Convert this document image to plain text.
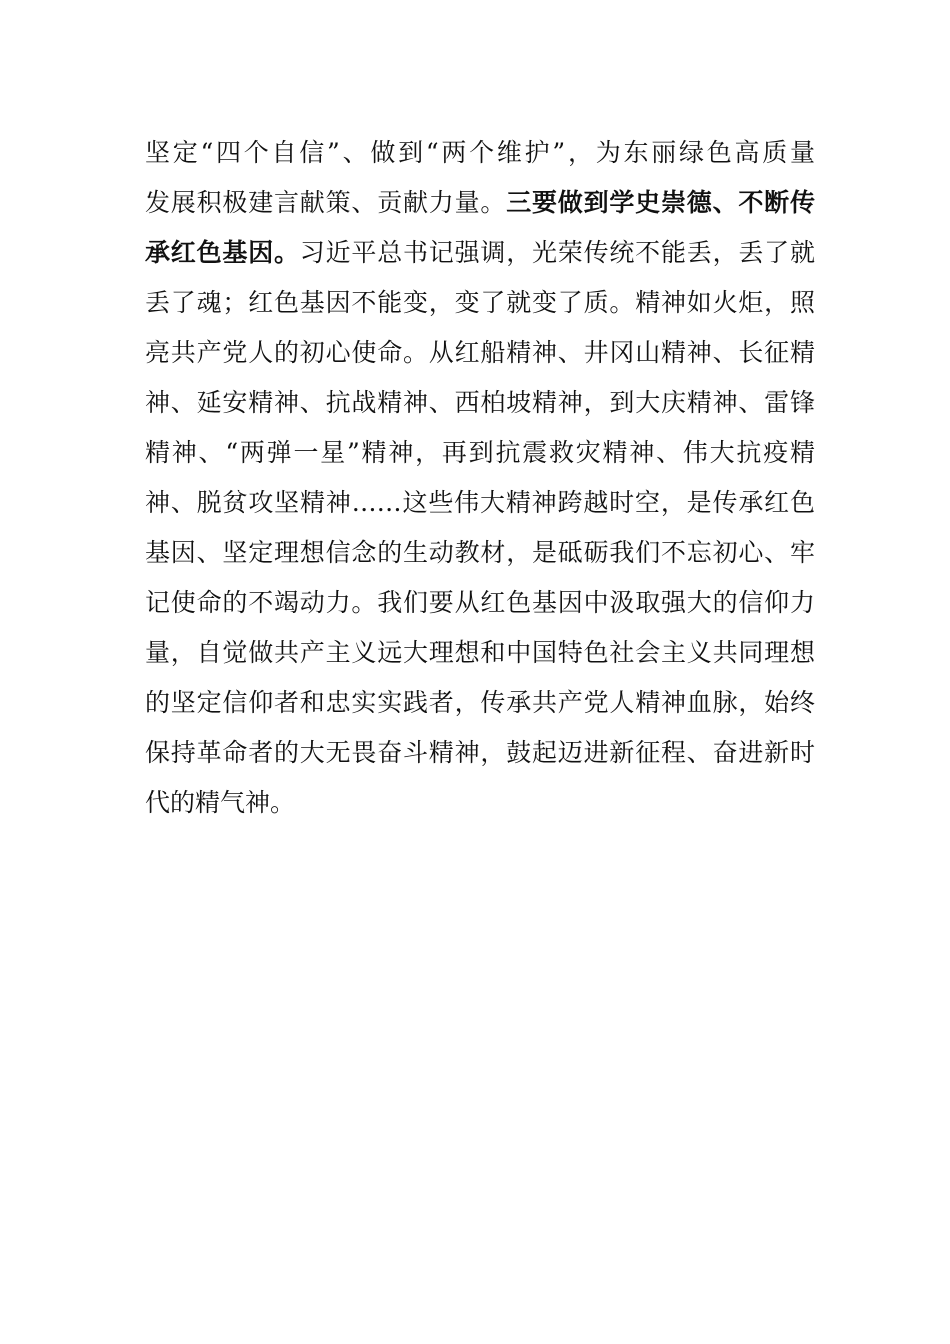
坚定“四个自信”、做到“两个维护”，为东丽绿色高质量
发展积极建言献策、贡献力量。三要做到学史崇德、不断传
承红色基因。习近平总书记强调，光荣传统不能丢，丢了就
丢了魂；红色基因不能变，变了就变了质。精神如火炬，照
亮共产党人的初心使命。从红船精神、井冈山精神、长征精
神、延安精神、抗战精神、西柏坡精神，到大庆精神、雷锋
精神、“两弹一星”精神，再到抗震救灾精神、伟大抗疫精
神、脱贫攻坚精神……这些伟大精神跨越时空，是传承红色
基因、坚定理想信念的生动教材，是砥砺我们不忘初心、牢
记使命的不竭动力。我们要从红色基因中汲取强大的信仰力
量，自觉做共产主义远大理想和中国特色社会主义共同理想
的坚定信仰者和忠实实践者，传承共产党人精神血脉，始终
保持革命者的大无畏奋斗精神，鼓起迈进新征程、奋进新时
代的精气神。
